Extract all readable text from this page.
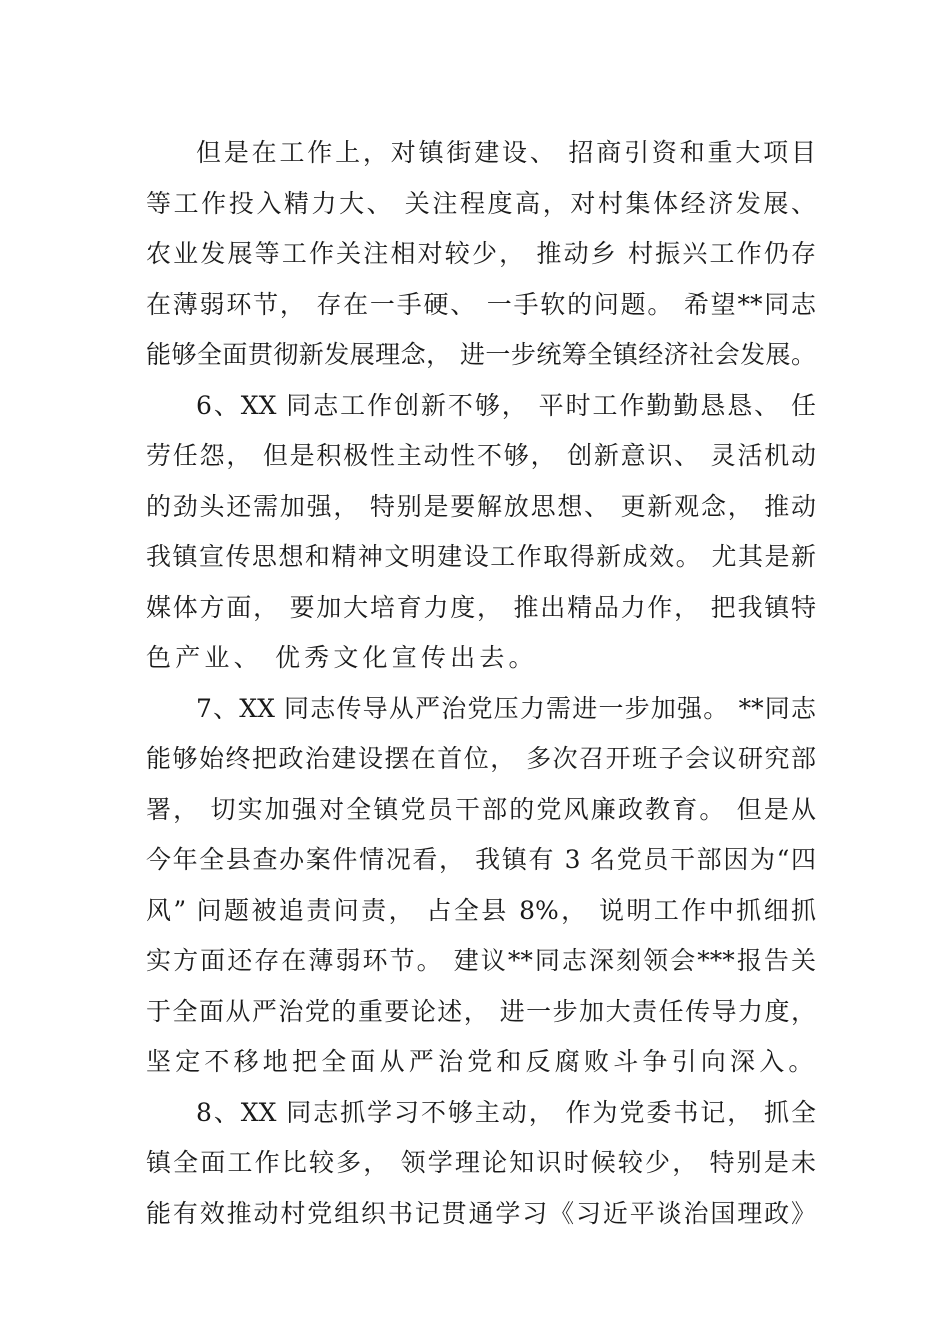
但是在工作上，对镇街建设、 招商引资和重大项目
等工作投入精力大、 关注程度高，对村集体经济发展、
农业发展等工作关注相对较少， 推动乡 村振兴工作仍存
在薄弱环节， 存在一手硬、 一手软的问题。 希望**同志
能够全面贯彻新发展理念， 进一步统筹全镇经济社会发展。
6、XX 同志工作创新不够， 平时工作勤勤恳恳、 任
劳任怨， 但是积极性主动性不够， 创新意识、 灵活机动
的劲头还需加强， 特别是要解放思想、 更新观念， 推动
我镇宣传思想和精神文明建设工作取得新成效。 尤其是新
媒体方面， 要加大培育力度， 推出精品力作， 把我镇特
色产业、 优秀文化宣传出去。
7、XX 同志传导从严治党压力需进一步加强。 **同志
能够始终把政治建设摆在首位， 多次召开班子会议研究部
署， 切实加强对全镇党员干部的党风廉政教育。 但是从
今年全县查办案件情况看， 我镇有 3 名党员干部因为“四
风” 问题被追责问责， 占全县 8%， 说明工作中抓细抓
实方面还存在薄弱环节。 建议**同志深刻领会***报告关
于全面从严治党的重要论述， 进一步加大责任传导力度，
坚定不移地把全面从严治党和反腐败斗争引向深入。
8、XX 同志抓学习不够主动， 作为党委书记， 抓全
镇全面工作比较多， 领学理论知识时候较少， 特别是未
能有效推动村党组织书记贯通学习《习近平谈治国理政》
